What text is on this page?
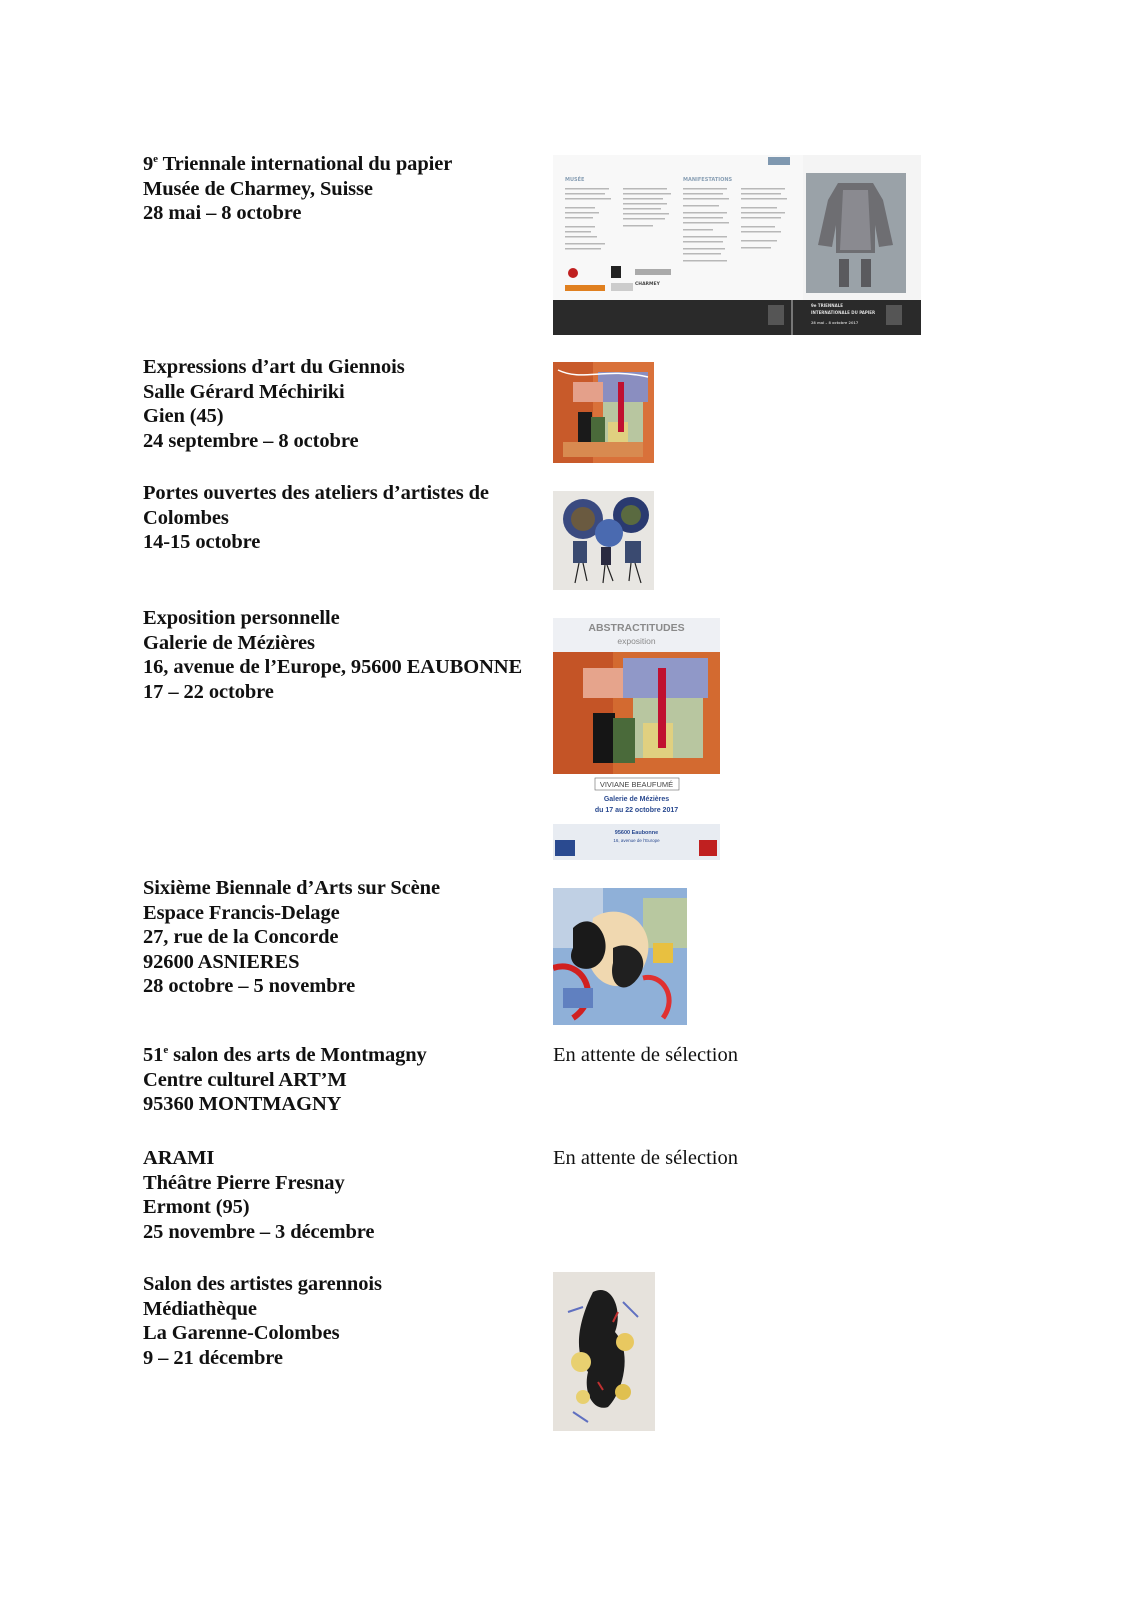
9e Triennale international du papier
Musée de Charmey, Suisse
28 mai – 8 octobre
MUSÉE	MANIFESTATIONS
CHARMEY
9e TRIENNALE
INTERNATIONALE DU PAPIER
28 mai – 8 octobre 2017
Expressions d’art du Giennois
Salle Gérard Méchiriki
Gien (45)
24 septembre – 8 octobre
Portes ouvertes des ateliers d’artistes de
Colombes
14-15 octobre
Exposition personnelle
Galerie de Mézières
16, avenue de l’Europe, 95600 EAUBONNE
17 – 22 octobre
ABSTRACTITUDES
exposition
VIVIANE BEAUFUMÉ
Galerie de Mézières
du 17 au 22 octobre 2017
95600 Eaubonne
16, avenue de l’Europe
Sixième Biennale d’Arts sur Scène
Espace Francis-Delage
27, rue de la Concorde
92600 ASNIERES
28 octobre – 5 novembre
51e salon des arts de Montmagny
Centre culturel ART’M
95360 MONTMAGNY
En attente de sélection
ARAMI
Théâtre Pierre Fresnay
Ermont (95)
25 novembre – 3 décembre
En attente de sélection
Salon des artistes garennois
Médiathèque
La Garenne-Colombes
9 – 21 décembre
